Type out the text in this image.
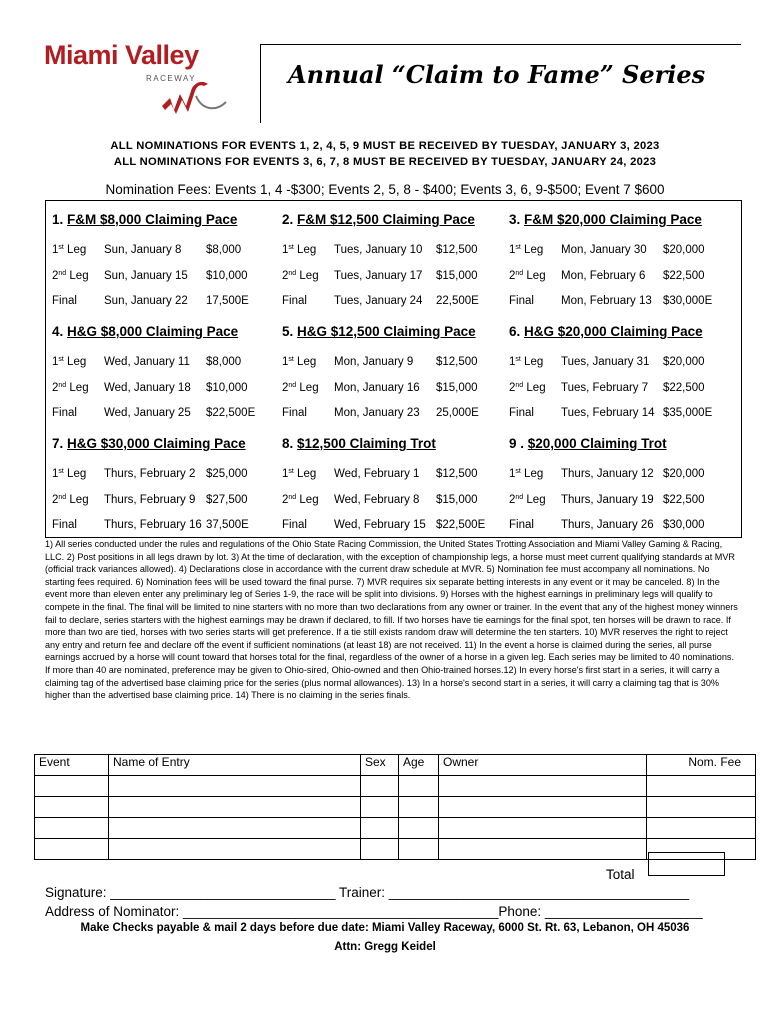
Miami Valley
RACEWAY	Annual “Claim to Fame” Series
ALL NOMINATIONS FOR EVENTS 1, 2, 4, 5, 9 MUST BE RECEIVED BY TUESDAY, JANUARY 3, 2023
ALL NOMINATIONS FOR EVENTS 3, 6, 7, 8 MUST BE RECEIVED BY TUESDAY, JANUARY 24, 2023
Nomination Fees: Events 1, 4 -$300; Events 2, 5, 8 - $400; Events 3, 6, 9-$500; Event 7 $600
1. F&M $8,000 Claiming Pace
1st Leg Sun, January 8 $8,000
2nd Leg Sun, January 15 $10,000
Final Sun, January 22 17,500E
4. H&G $8,000 Claiming Pace
1st Leg Wed, January 11 $8,000
2nd Leg Wed, January 18 $10,000
Final Wed, January 25 $22,500E
7. H&G $30,000 Claiming Pace
1st Leg Thurs, February 2 $25,000
2nd Leg Thurs, February 9 $27,500
Final Thurs, February 16 37,500E
2. F&M $12,500 Claiming Pace
1st Leg Tues, January 10 $12,500
2nd Leg Tues, January 17 $15,000
Final Tues, January 24 22,500E
5. H&G $12,500 Claiming Pace
1st Leg Mon, January 9 $12,500
2nd Leg Mon, January 16 $15,000
Final Mon, January 23 25,000E
8. $12,500 Claiming Trot
1st Leg Wed, February 1 $12,500
2nd Leg Wed, February 8 $15,000
Final Wed, February 15 $22,500E
3. F&M $20,000 Claiming Pace
1st Leg Mon, January 30 $20,000
2nd Leg Mon, February 6 $22,500
Final Mon, February 13 $30,000E
6. H&G $20,000 Claiming Pace
1st Leg Tues, January 31 $20,000
2nd Leg Tues, February 7 $22,500
Final Tues, February 14 $35,000E
9 . $20,000 Claiming Trot
1st Leg Thurs, January 12 $20,000
2nd Leg Thurs, January 19 $22,500
Final Thurs, January 26 $30,000
1) All series conducted under the rules and regulations of the Ohio State Racing Commission, the United States Trotting Association and Miami Valley Gaming & Racing, LLC. 2) Post positions in all legs drawn by lot. 3) At the time of declaration, with the exception of championship legs, a horse must meet current qualifying standards at MVR (official track variances allowed). 4) Declarations close in accordance with the current draw schedule at MVR. 5) Nomination fee must accompany all nominations. No starting fees required. 6) Nomination fees will be used toward the final purse. 7) MVR requires six separate betting interests in any event or it may be canceled. 8) In the event more than eleven enter any preliminary leg of Series 1-9, the race will be split into divisions. 9) Horses with the highest earnings in preliminary legs will qualify to compete in the final. The final will be limited to nine starters with no more than two declarations from any owner or trainer. In the event that any of the highest money winners fail to declare, series starters with the highest earnings may be drawn if declared, to fill. If two horses have tie earnings for the final spot, ten horses will be drawn to race. If more than two are tied, horses with two series starts will get preference. If a tie still exists random draw will determine the ten starters. 10) MVR reserves the right to reject any entry and return fee and declare off the event if sufficient nominations (at least 18) are not received. 11) In the event a horse is claimed during the series, all purse earnings accrued by a horse will count toward that horses total for the final, regardless of the owner of a horse in a given leg. Each series may be limited to 40 nominations. If more than 40 are nominated, preference may be given to Ohio-sired, Ohio-owned and then Ohio-trained horses.12) In every horse's first start in a series, it will carry a claiming tag of the advertised base claiming price for the series (plus normal allowances). 13) In a horse's second start in a series, it will carry a claiming tag that is 30% higher than the advertised base claiming price. 14) There is no claiming in the series finals.
Event	Name of Entry	Sex	Age	Owner	Nom. Fee

Total
Signature: ______________________________ Trainer: ________________________________________
Address of Nominator: __________________________________________Phone: _____________________
Make Checks payable & mail 2 days before due date: Miami Valley Raceway, 6000 St. Rt. 63, Lebanon, OH 45036
Attn: Gregg Keidel
